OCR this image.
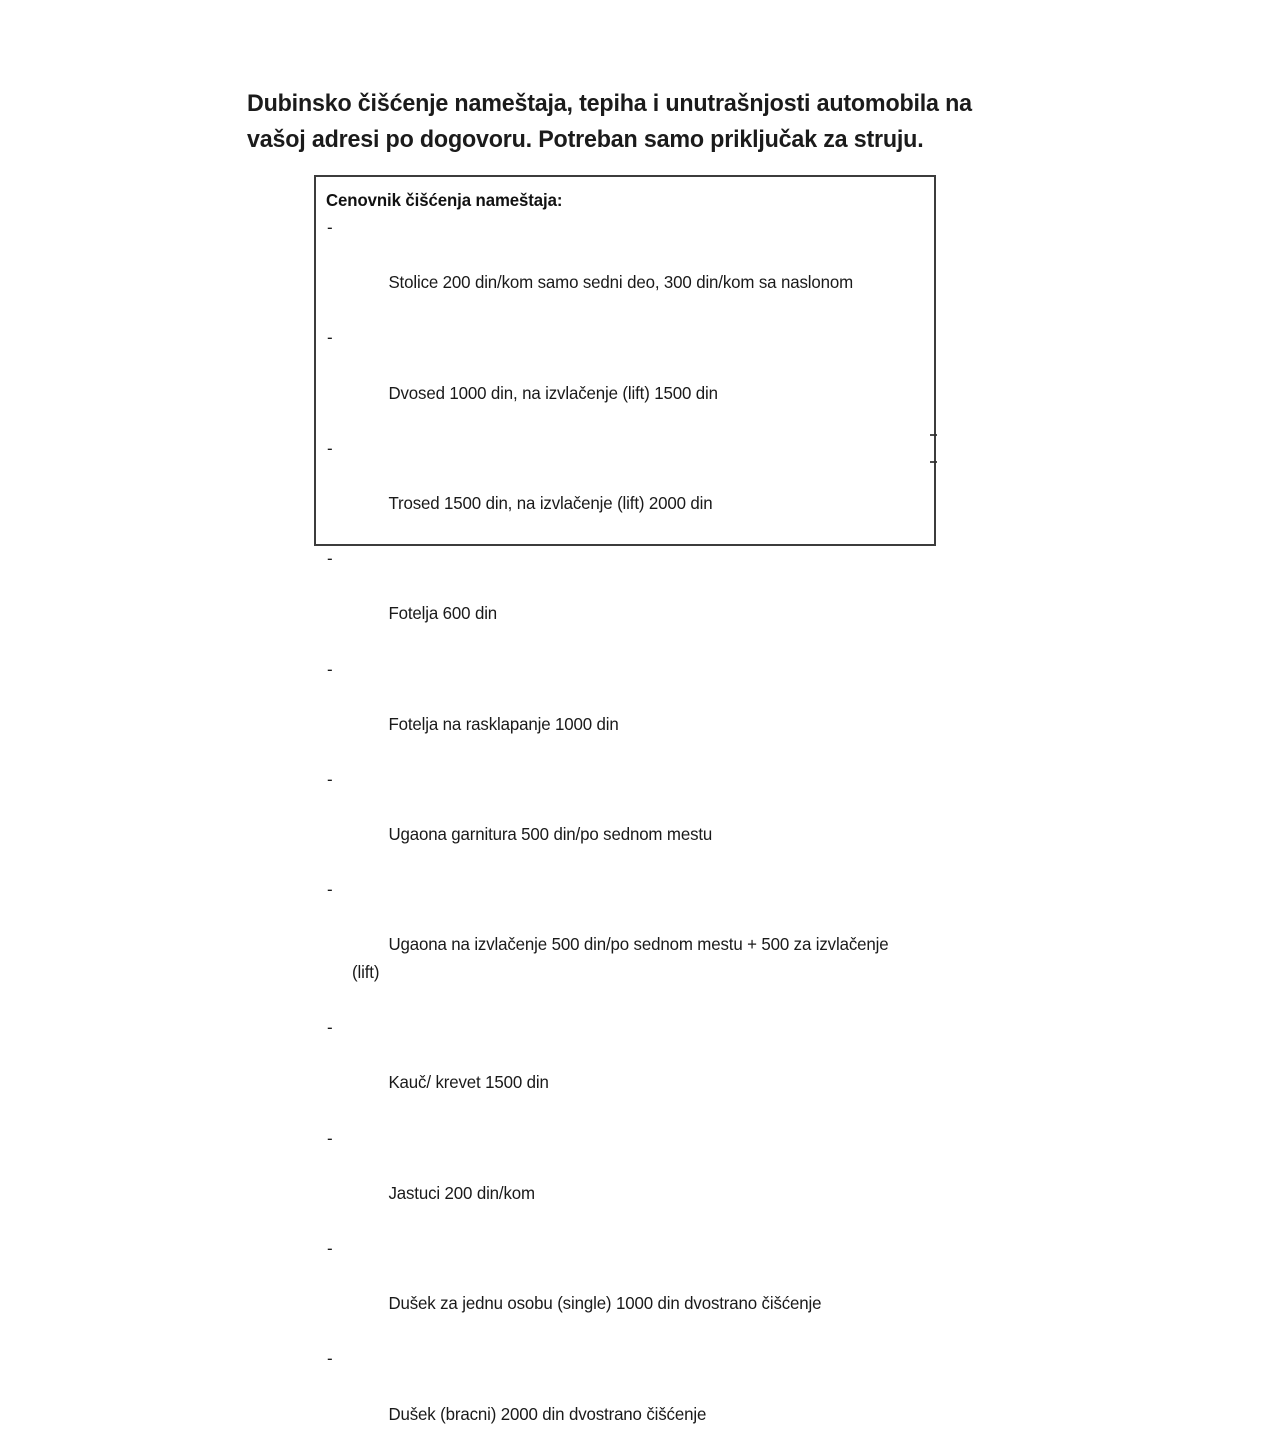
Dubinsko čišćenje nameštaja, tepiha i unutrašnjosti automobila na vašoj adresi po dogovoru. Potreban samo priključak za struju.
Cenovnik čišćenja nameštaja:

-

Stolice 200 din/kom samo sedni deo, 300 din/kom sa naslonom

-

Dvosed 1000 din, na izvlačenje (lift) 1500 din

-

Trosed 1500 din, na izvlačenje (lift) 2000 din

-

Fotelja 600 din

-

Fotelja na rasklapanje 1000 din

-

Ugaona garnitura 500 din/po sednom mestu

-

Ugaona na izvlačenje 500 din/po sednom mestu + 500 za izvlačenje (lift)

-

Kauč/ krevet 1500 din

-

Jastuci 200 din/kom

-

Dušek za jednu osobu (single) 1000 din dvostrano čišćenje

-

Dušek (bracni) 2000 din dvostrano čišćenje
